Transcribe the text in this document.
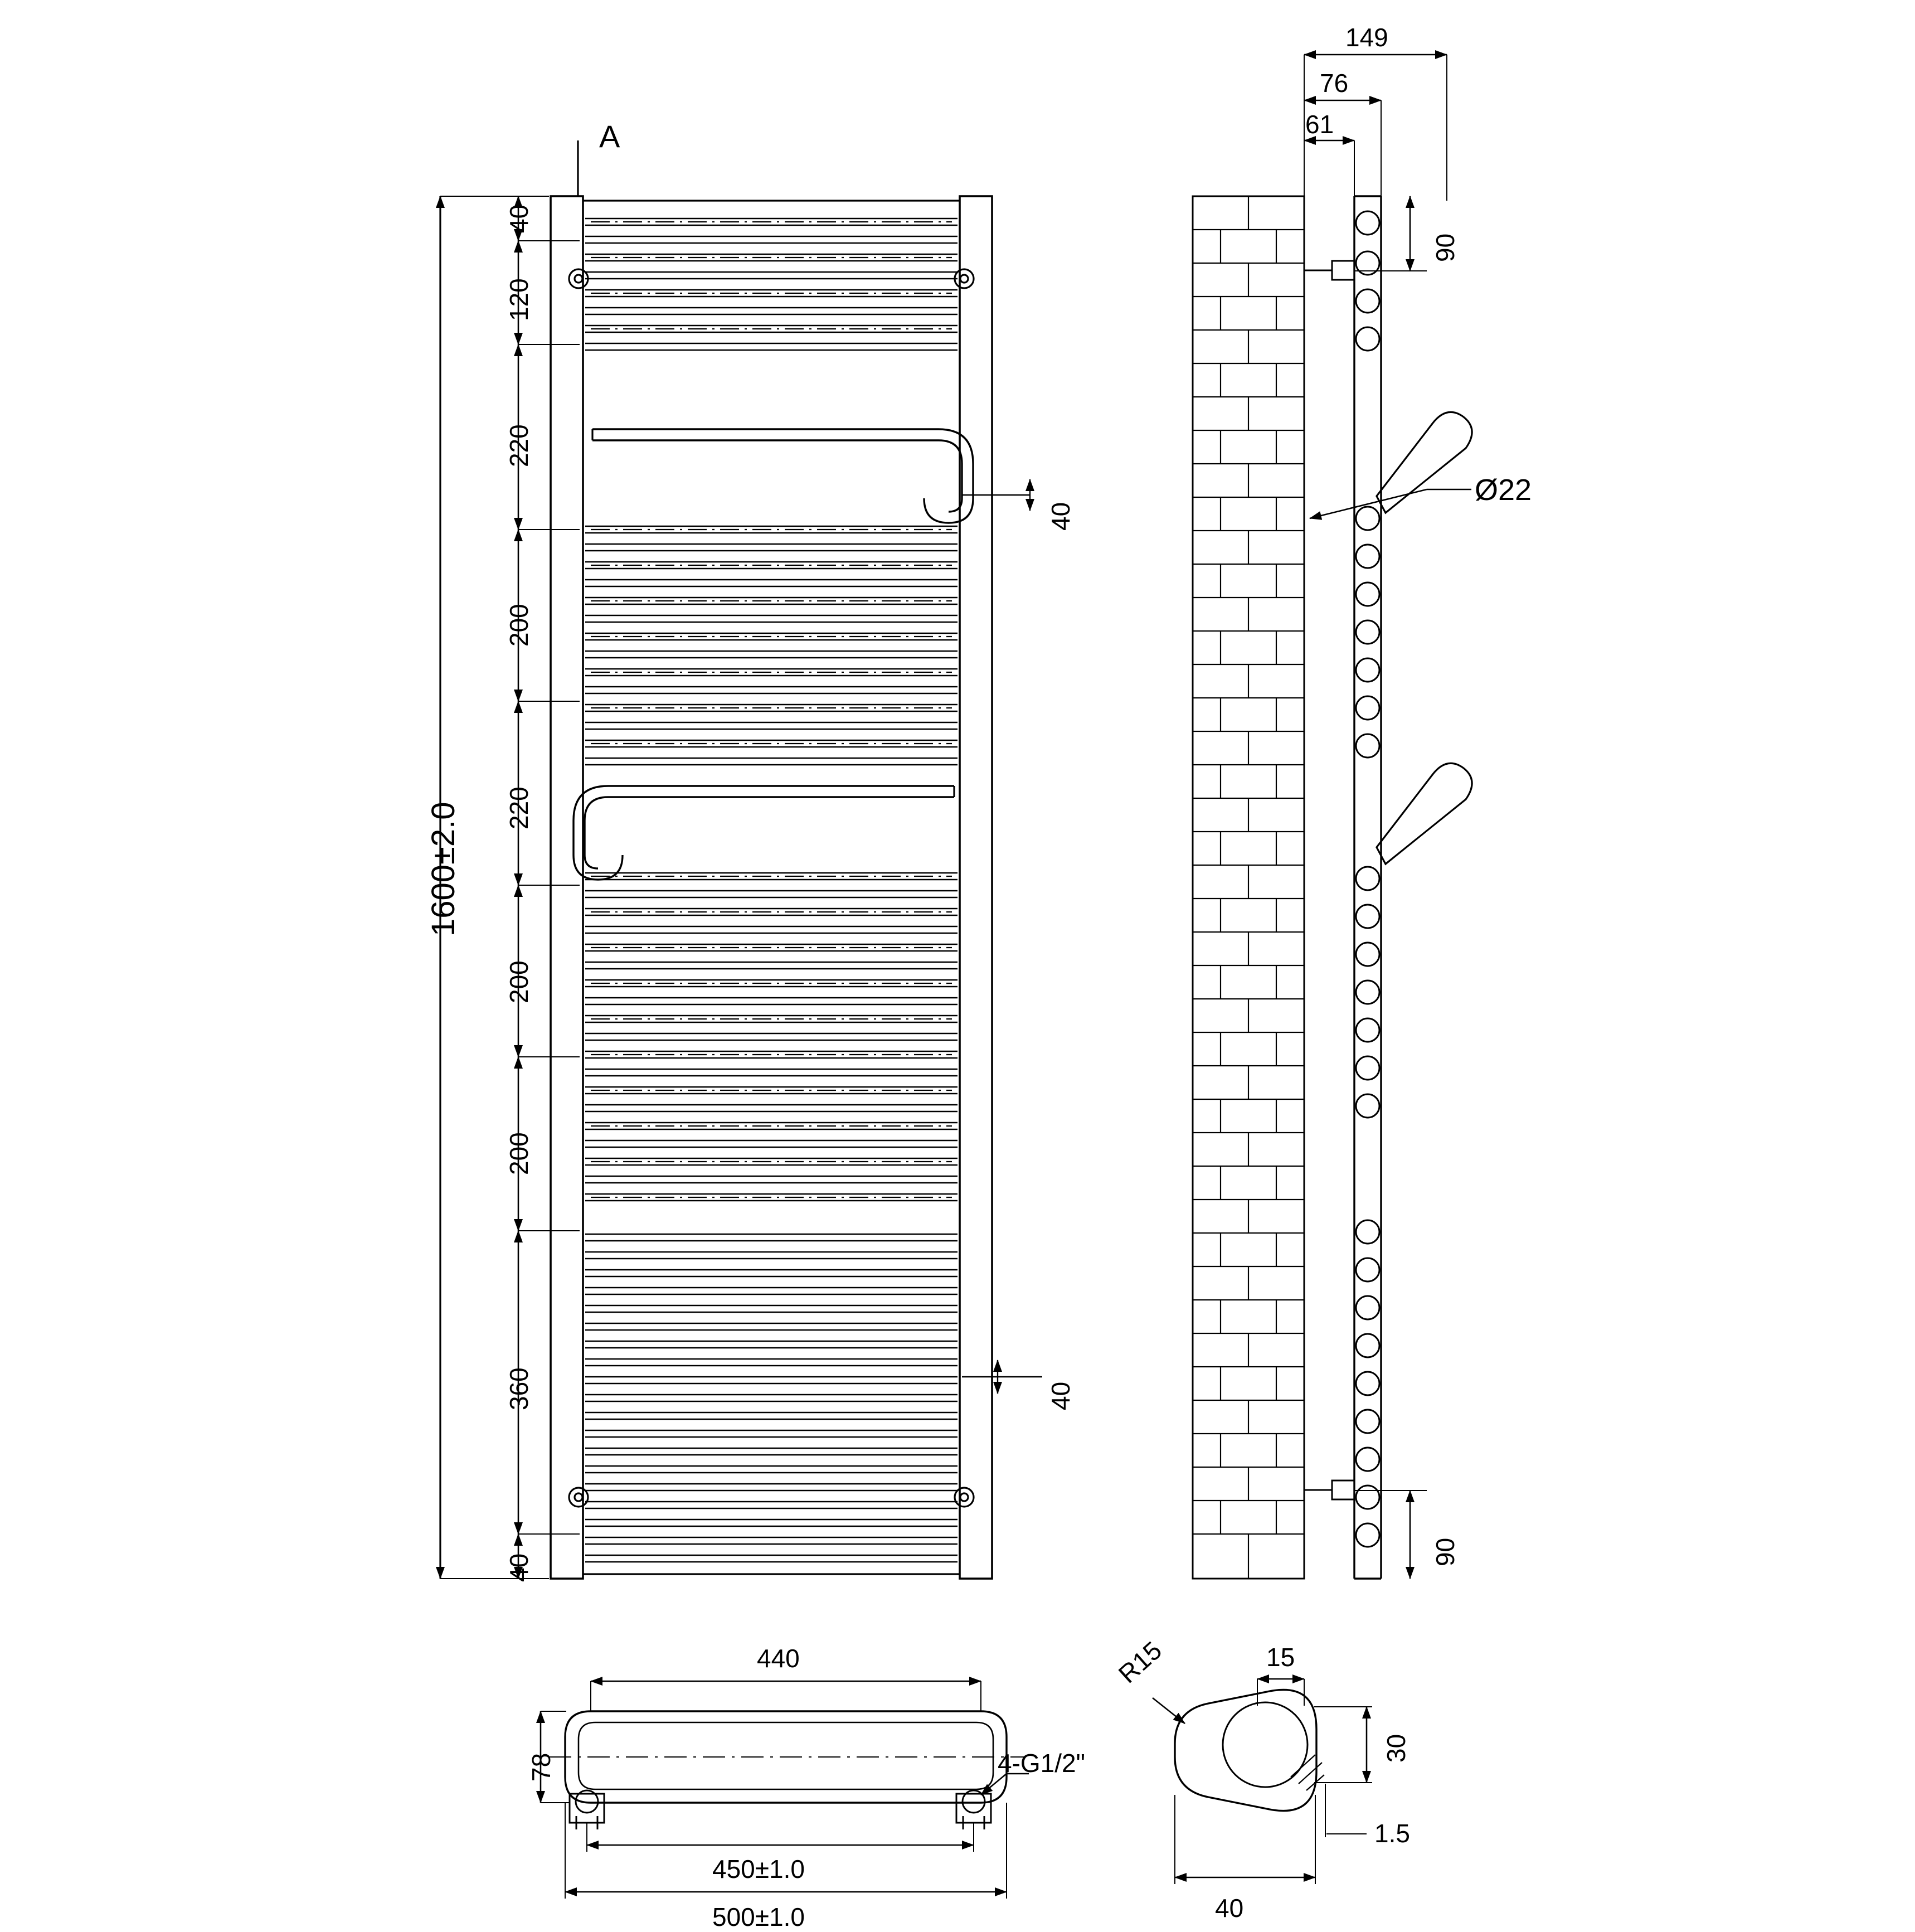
A
1600±2.0
40
120
220
200
220
200
200
360
40
40
40
149
76
61
90
90
Ø22
440
78
450±1.0
500±1.0
4-G1/2"
R15	15
30
1.5
40
